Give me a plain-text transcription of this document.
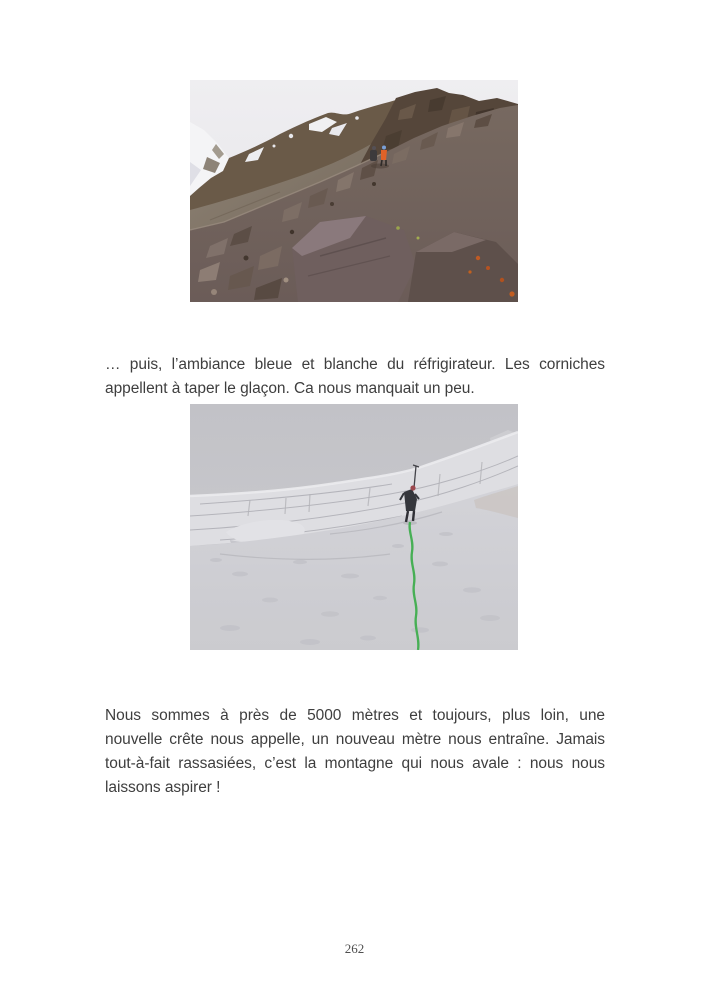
… puis, l’ambiance bleue et blanche du réfrigirateur. Les corniches
appellent à taper le glaçon. Ca nous manquait un peu.

Nous sommes à près de 5000 mètres et toujours, plus loin, une
nouvelle crête nous appelle, un nouveau mètre nous entraîne. Jamais
tout-à-fait rassasiées, c’est la montagne qui nous avale : nous nous
laissons aspirer !

262
